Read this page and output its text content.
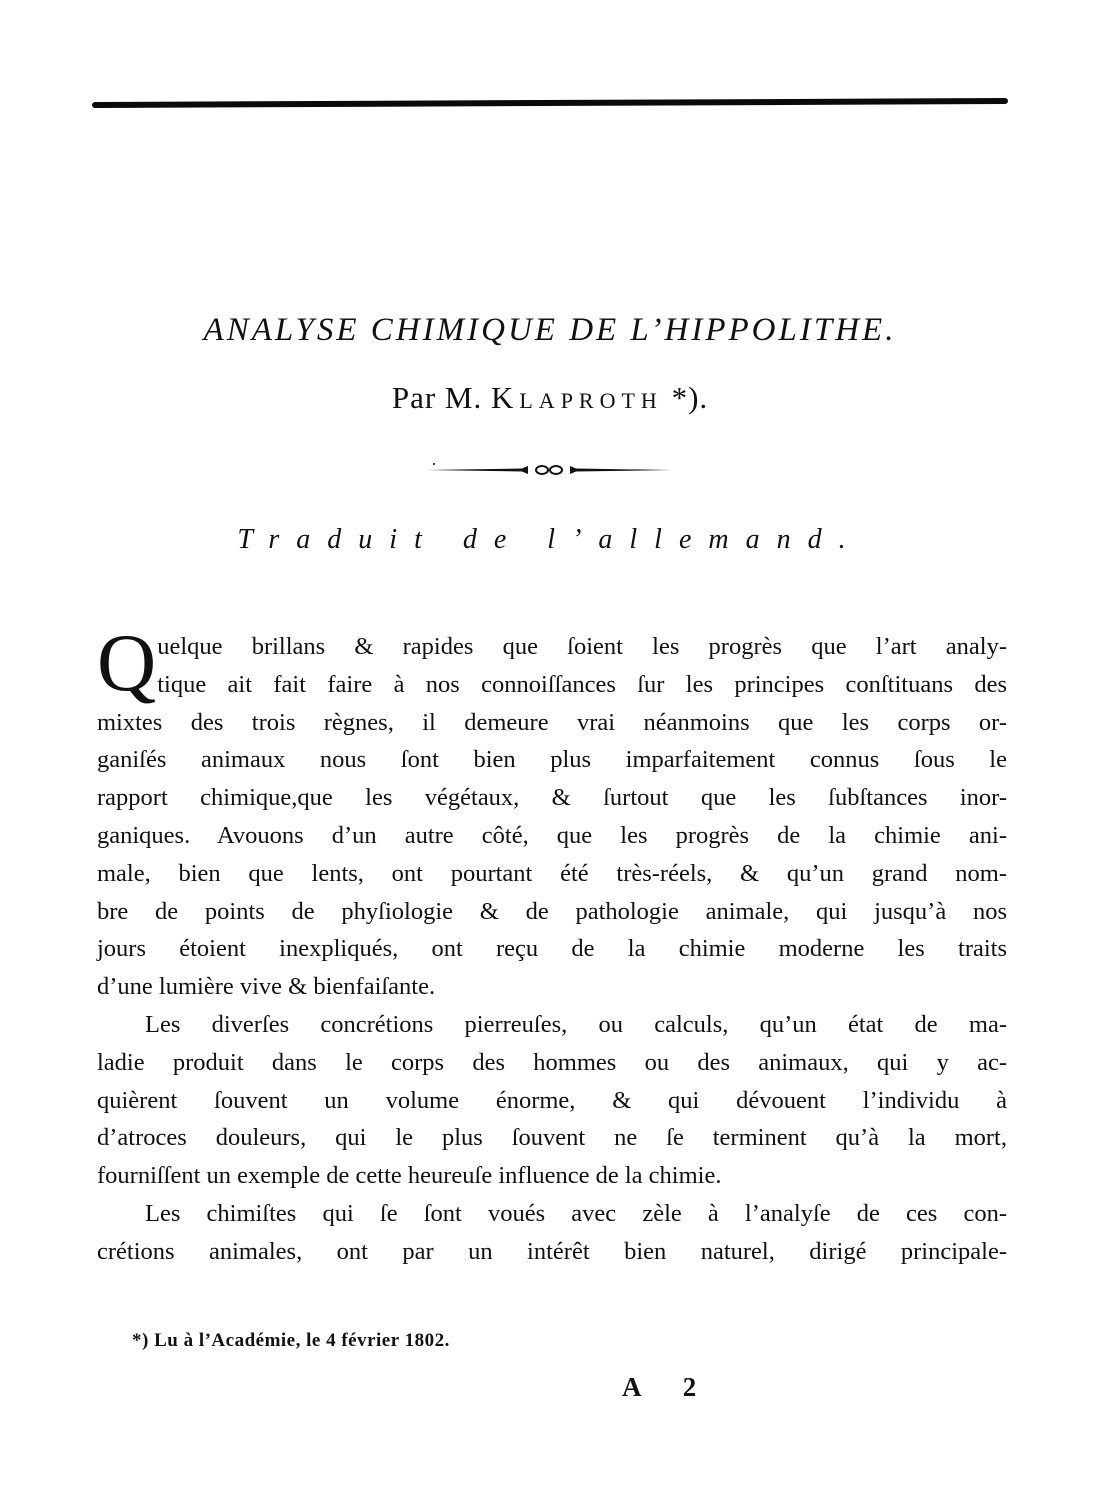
ANALYSE CHIMIQUE DE L’HIPPOLITHE.
Par M. Klaproth *).
Traduit de l’allemand.
Q uelque brillans & rapides que ſoient les progrès que l’art analy-
tique ait fait faire à nos connoiſſances ſur les principes conſtituans des
mixtes des trois règnes, il demeure vrai néanmoins que les corps or-
ganiſés animaux nous ſont bien plus imparfaitement connus ſous le
rapport chimique,que les végétaux, & ſurtout que les ſubſtances inor-
ganiques. Avouons d’un autre côté, que les progrès de la chimie ani-
male, bien que lents, ont pourtant été très-réels, & qu’un grand nom-
bre de points de phyſiologie & de pathologie animale, qui jusqu’à nos
jours étoient inexpliqués, ont reçu de la chimie moderne les traits
d’une lumière vive & bienfaiſante.
Les diverſes concrétions pierreuſes, ou calculs, qu’un état de ma-
ladie produit dans le corps des hommes ou des animaux, qui y ac-
quièrent ſouvent un volume énorme, & qui dévouent l’individu à
d’atroces douleurs, qui le plus ſouvent ne ſe terminent qu’à la mort,
fourniſſent un exemple de cette heureuſe influence de la chimie.
Les chimiſtes qui ſe ſont voués avec zèle à l’analyſe de ces con-
crétions animales, ont par un intérêt bien naturel, dirigé principale-
*) Lu à l’Académie, le 4 février 1802.
A 2
